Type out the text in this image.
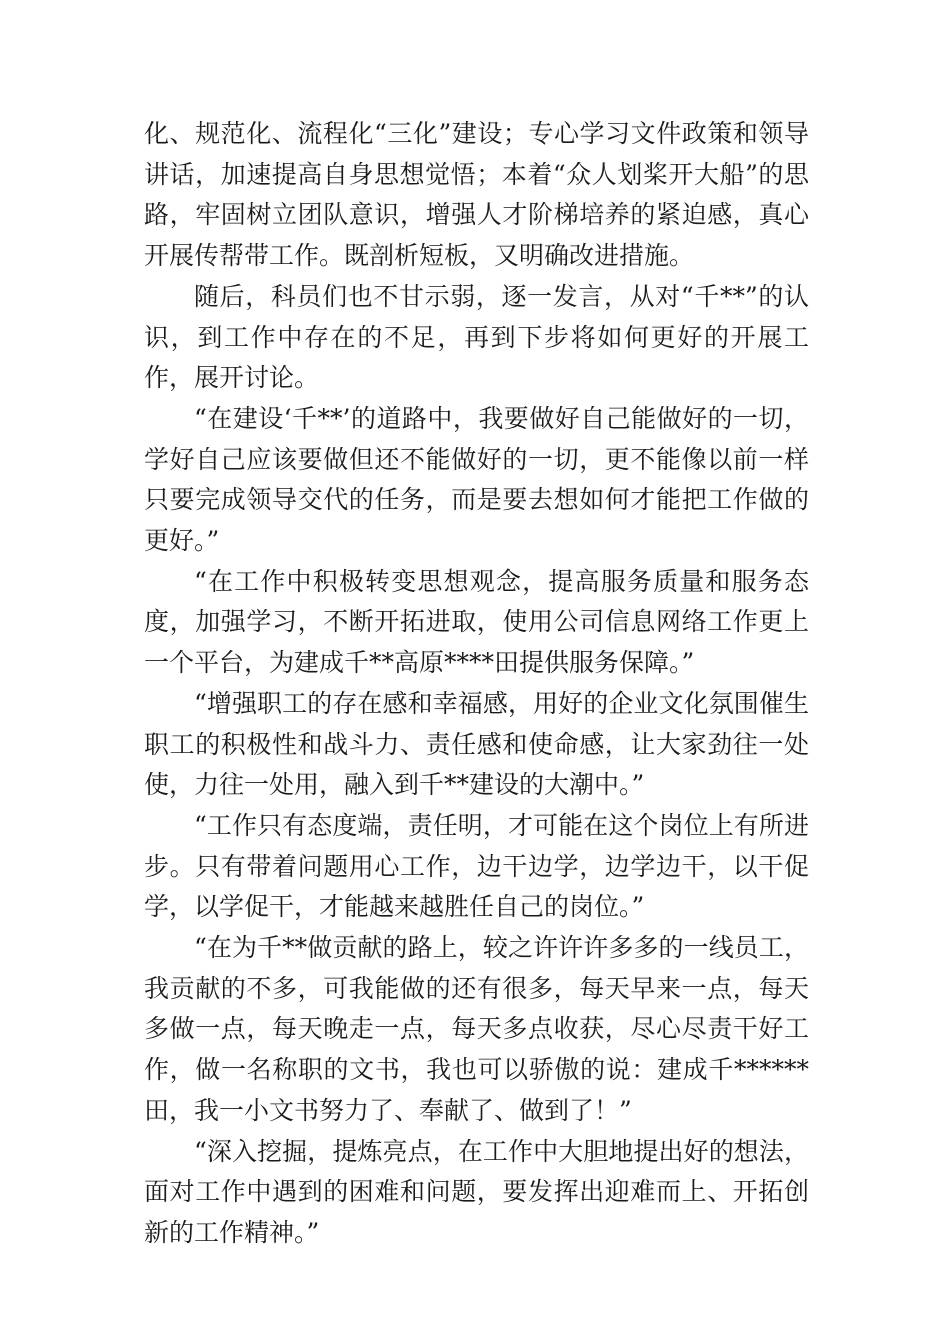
化、规范化、流程化“三化”建设；专心学习文件政策和领导讲话，加速提高自身思想觉悟；本着“众人划桨开大船”的思路，牢固树立团队意识，增强人才阶梯培养的紧迫感，真心开展传帮带工作。既剖析短板，又明确改进措施。

随后，科员们也不甘示弱，逐一发言，从对“千**”的认识，到工作中存在的不足，再到下步将如何更好的开展工作，展开讨论。

“在建设‘千**’的道路中，我要做好自己能做好的一切，学好自己应该要做但还不能做好的一切，更不能像以前一样只要完成领导交代的任务，而是要去想如何才能把工作做的更好。”

“在工作中积极转变思想观念，提高服务质量和服务态度，加强学习，不断开拓进取，使用公司信息网络工作更上一个平台，为建成千**高原****田提供服务保障。”

“增强职工的存在感和幸福感，用好的企业文化氛围催生职工的积极性和战斗力、责任感和使命感，让大家劲往一处使，力往一处用，融入到千**建设的大潮中。”

“工作只有态度端，责任明，才可能在这个岗位上有所进步。只有带着问题用心工作，边干边学，边学边干，以干促学，以学促干，才能越来越胜任自己的岗位。”

“在为千**做贡献的路上，较之许许许多多的一线员工，我贡献的不多，可我能做的还有很多，每天早来一点，每天多做一点，每天晚走一点，每天多点收获，尽心尽责干好工作，做一名称职的文书，我也可以骄傲的说：建成千******田，我一小文书努力了、奉献了、做到了！”

“深入挖掘，提炼亮点，在工作中大胆地提出好的想法，面对工作中遇到的困难和问题，要发挥出迎难而上、开拓创新的工作精神。”
